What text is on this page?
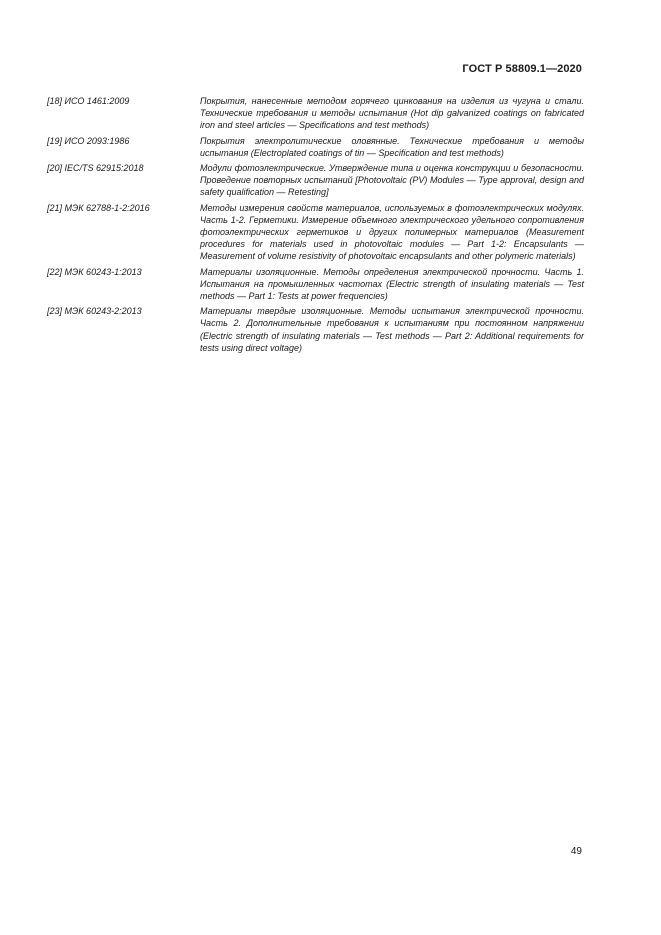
ГОСТ Р 58809.1—2020
[18] ИСО 1461:2009	Покрытия, нанесенные методом горячего цинкования на изделия из чугуна и стали. Технические требования и методы испытания (Hot dip galvanized coatings on fabricated iron and steel articles — Specifications and test methods)
[19] ИСО 2093:1986	Покрытия электролитические оловянные. Технические требования и методы испытания (Electroplated coatings of tin — Specification and test methods)
[20] IEC/TS 62915:2018	Модули фотоэлектрические. Утверждение типа и оценка конструкции и безопасности. Проведение повторных испытаний [Photovoltaic (PV) Modules — Type approval, design and safety qualification — Retesting]
[21] МЭК 62788-1-2:2016	Методы измерения свойств материалов, используемых в фотоэлектрических модулях. Часть 1-2. Герметики. Измерение объемного электрического удельного сопротивления фотоэлектрических герметиков и других полимерных материалов (Measurement procedures for materials used in photovoltaic modules — Part 1-2: Encapsulants — Measurement of volume resistivity of photovoltaic encapsulants and other polymeric materials)
[22] МЭК 60243-1:2013	Материалы изоляционные. Методы определения электрической прочности. Часть 1. Испытания на промышленных частотах (Electric strength of insulating materials — Test methods — Part 1: Tests at power frequencies)
[23] МЭК 60243-2:2013	Материалы твердые изоляционные. Методы испытания электрической прочности. Часть 2. Дополнительные требования к испытаниям при постоянном напряжении (Electric strength of insulating materials — Test methods — Part 2: Additional requirements for tests using direct voltage)
49
